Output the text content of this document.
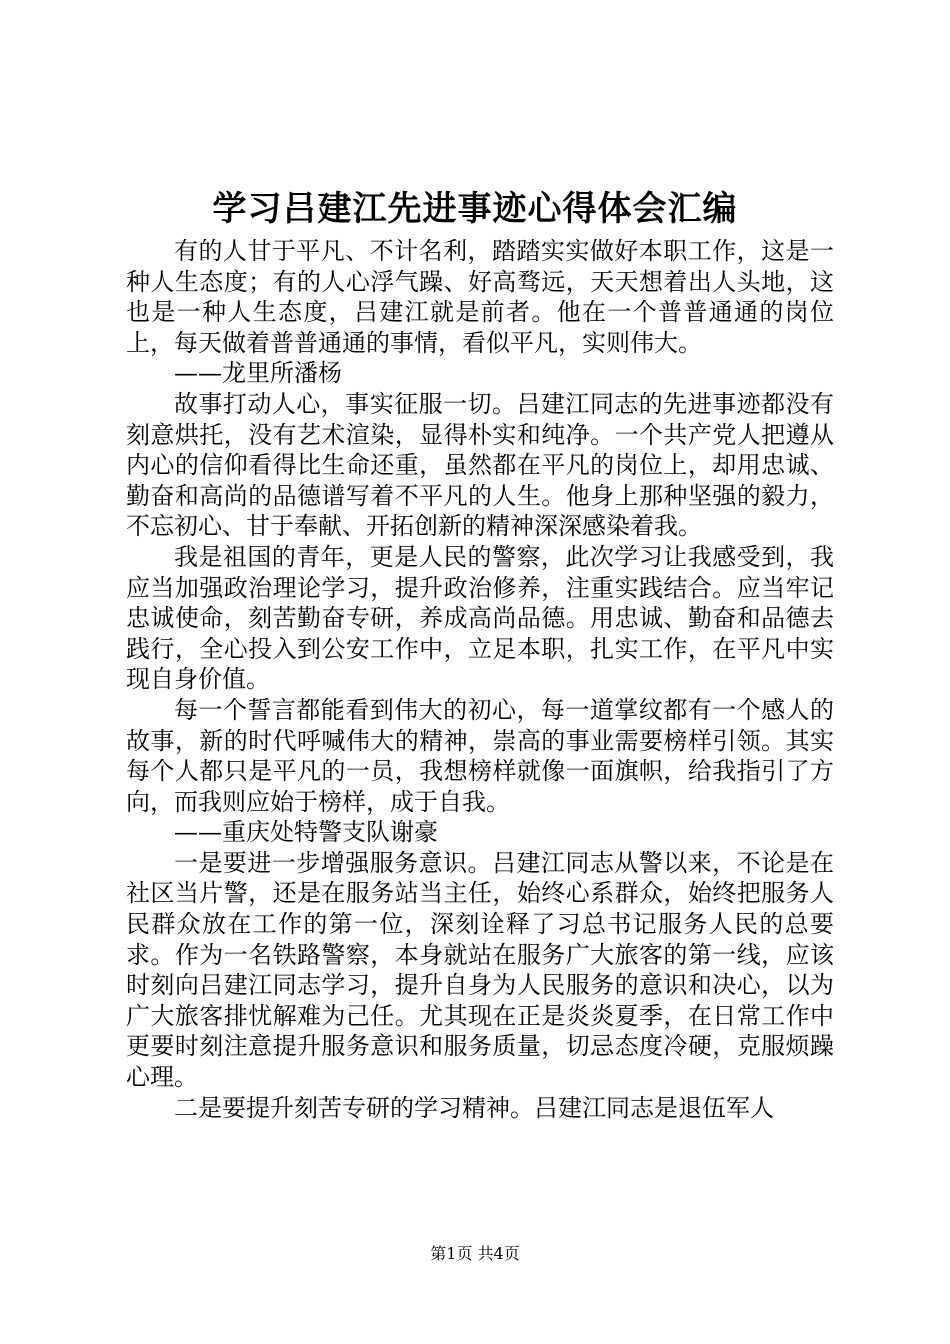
学习吕建江先进事迹心得体会汇编

有的人甘于平凡、不计名利，踏踏实实做好本职工作，这是一种人生态度；有的人心浮气躁、好高骛远，天天想着出人头地，这也是一种人生态度，吕建江就是前者。他在一个普普通通的岗位上，每天做着普普通通的事情，看似平凡，实则伟大。

——龙里所潘杨

故事打动人心，事实征服一切。吕建江同志的先进事迹都没有刻意烘托，没有艺术渲染，显得朴实和纯净。一个共产党人把遵从内心的信仰看得比生命还重，虽然都在平凡的岗位上，却用忠诚、勤奋和高尚的品德谱写着不平凡的人生。他身上那种坚强的毅力，不忘初心、甘于奉献、开拓创新的精神深深感染着我。

我是祖国的青年，更是人民的警察，此次学习让我感受到，我应当加强政治理论学习，提升政治修养，注重实践结合。应当牢记忠诚使命，刻苦勤奋专研，养成高尚品德。用忠诚、勤奋和品德去践行，全心投入到公安工作中，立足本职，扎实工作，在平凡中实现自身价值。

每一个誓言都能看到伟大的初心，每一道掌纹都有一个感人的故事，新的时代呼喊伟大的精神，崇高的事业需要榜样引领。其实每个人都只是平凡的一员，我想榜样就像一面旗帜，给我指引了方向，而我则应始于榜样，成于自我。

——重庆处特警支队谢豪

一是要进一步增强服务意识。吕建江同志从警以来，不论是在社区当片警，还是在服务站当主任，始终心系群众，始终把服务人民群众放在工作的第一位，深刻诠释了习总书记服务人民的总要求。作为一名铁路警察，本身就站在服务广大旅客的第一线，应该时刻向吕建江同志学习，提升自身为人民服务的意识和决心，以为广大旅客排忧解难为己任。尤其现在正是炎炎夏季，在日常工作中更要时刻注意提升服务意识和服务质量，切忌态度冷硬，克服烦躁心理。

二是要提升刻苦专研的学习精神。吕建江同志是退伍军人

第1页 共4页
